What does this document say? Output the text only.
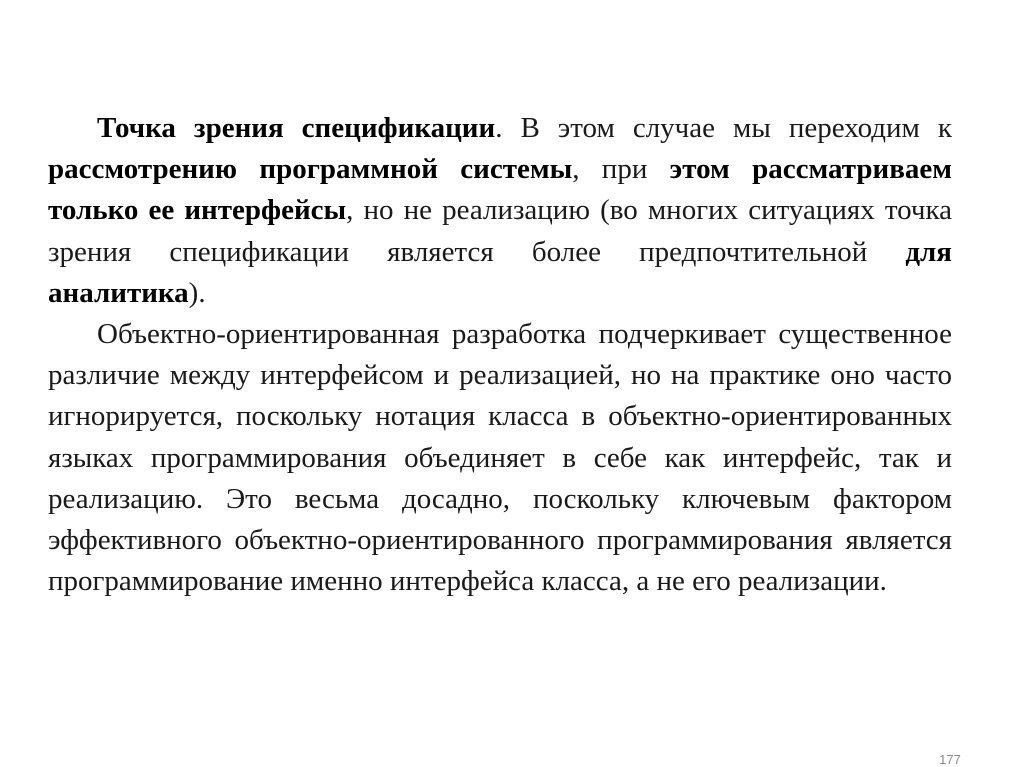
Точка зрения спецификации. В этом случае мы переходим к рассмотрению программной системы, при этом рассматриваем только ее интерфейсы, но не реализацию (во многих ситуациях точка зрения спецификации является более предпочтительной для аналитика).

Объектно-ориентированная разработка подчеркивает существенное различие между интерфейсом и реализацией, но на практике оно часто игнорируется, поскольку нотация класса в объектно-ориентированных языках программирования объединяет в себе как интерфейс, так и реализацию. Это весьма досадно, поскольку ключевым фактором эффективного объектно-ориентированного программирования является программирование именно интерфейса класса, а не его реализации.

177
